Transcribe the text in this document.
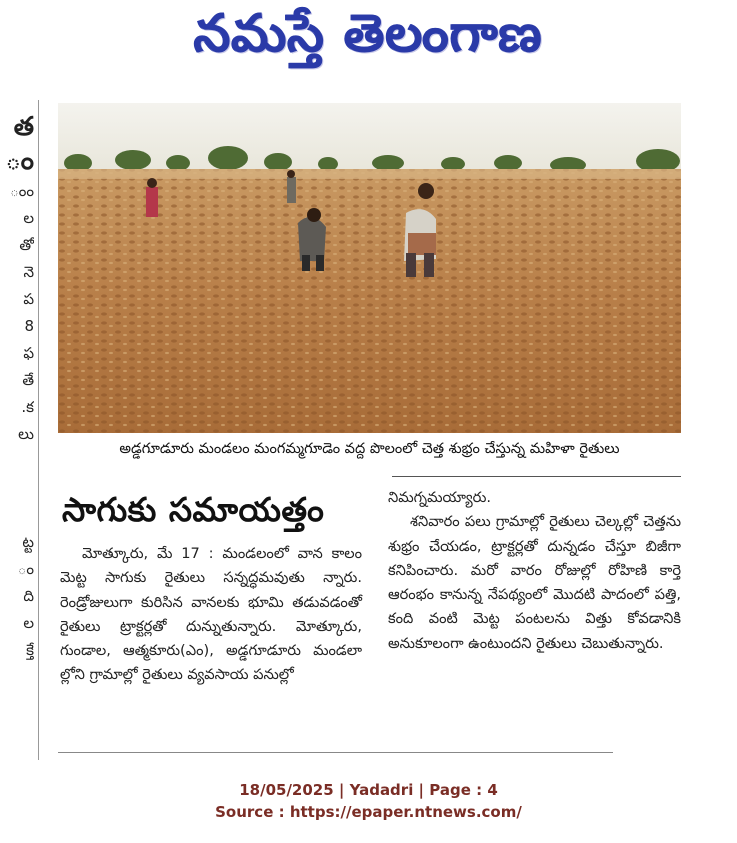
నమస్తే తెలంగాణ
త
ం
ంం
ల
తో
నె
ప
8
ఫ
తే
.క
లు

ట్ట
ం
ది
ల
క్తే
అడ్డగూడూరు మండలం మంగమ్మగూడెం వద్ద పొలంలో చెత్త శుభ్రం చేస్తున్న మహిళా రైతులు
సాగుకు సమాయత్తం

మోత్కూరు, మే 17 : మండలంలో వాన కాలం మెట్ట సాగుకు రైతులు సన్నద్ధమవుతు న్నారు. రెండ్రోజులుగా కురిసిన వానలకు భూమి తడువడంతో రైతులు ట్రాక్టర్లతో దున్నుతున్నారు. మోత్కూరు, గుండాల, ఆత్మకూరు(ఎం), అడ్డగూడూరు మండలా ల్లోని గ్రామాల్లో రైతులు వ్యవసాయ పనుల్లో

నిమగ్నమయ్యారు.

శనివారం పలు గ్రామాల్లో రైతులు చెల్కల్లో చెత్తను శుభ్రం చేయడం, ట్రాక్టర్లతో దున్నడం చేస్తూ బిజీగా కనిపించారు. మరో వారం రోజుల్లో రోహిణి కార్తె ఆరంభం కానున్న నేపథ్యంలో మొదటి పాదంలో పత్తి, కంది వంటి మెట్ట పంటలను విత్తు కోవడానికి అనుకూలంగా ఉంటుందని రైతులు చెబుతున్నారు.

18/05/2025 | Yadadri | Page : 4
Source : https://epaper.ntnews.com/
